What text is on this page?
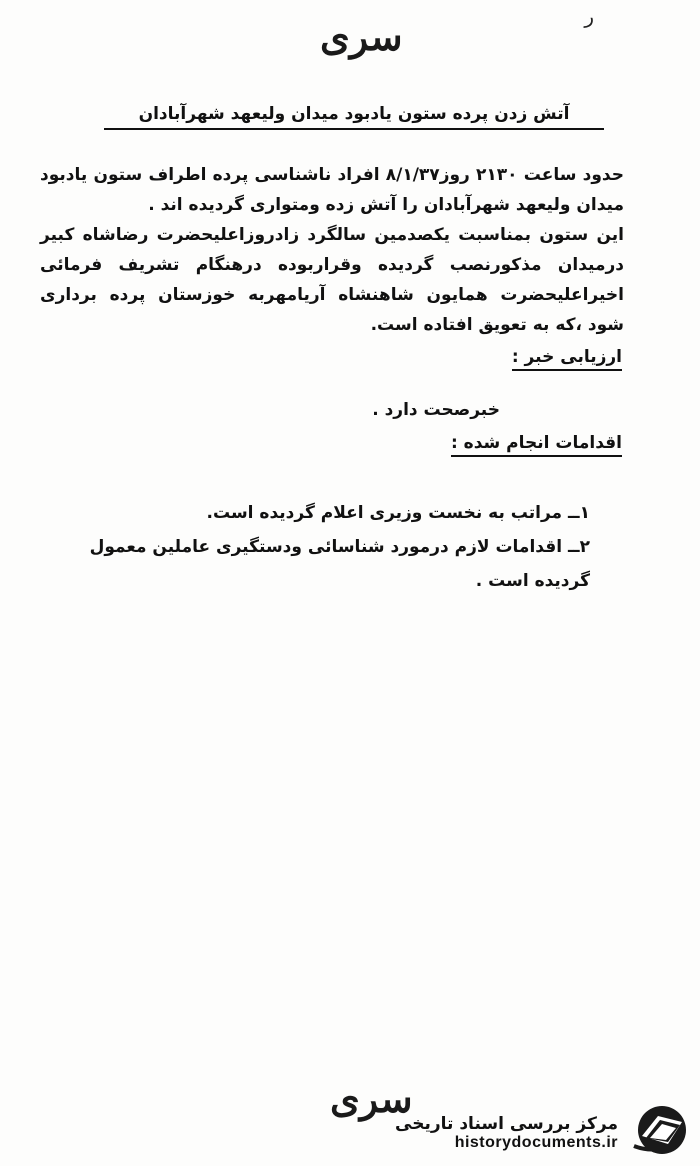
ر
سرى
آتش زدن پرده ستون یادبود میدان ولیعهد شهرآبادان

حدود ساعت ۲۱۳۰ روز۸/۱/۳۷ افراد ناشناسی پرده اطراف ستون یادبود میدان ولیعهد شهرآبادان را آتش زده ومتواری گردیده اند .

این ستون بمناسبت یکصدمین سالگرد زادروزاعلیحضرت رضاشاه کبیر درمیدان مذکورنصب گردیده وقراربوده درهنگام تشریف فرمائی اخیراعلیحضرت همایون شاهنشاه آریامهربه خوزستان پرده برداری شود ،که به تعویق افتاده است.

ارزیابی خبر :
خبرصحت دارد .
اقدامات انجام شده :

۱ــ مراتب به نخست وزیری اعلام گردیده است.

۲ــ اقدامات لازم درمورد شناسائی ودستگیری عاملین معمول گردیده است .

سرى
مرکز بررسی اسناد تاریخی
historydocuments.ir
